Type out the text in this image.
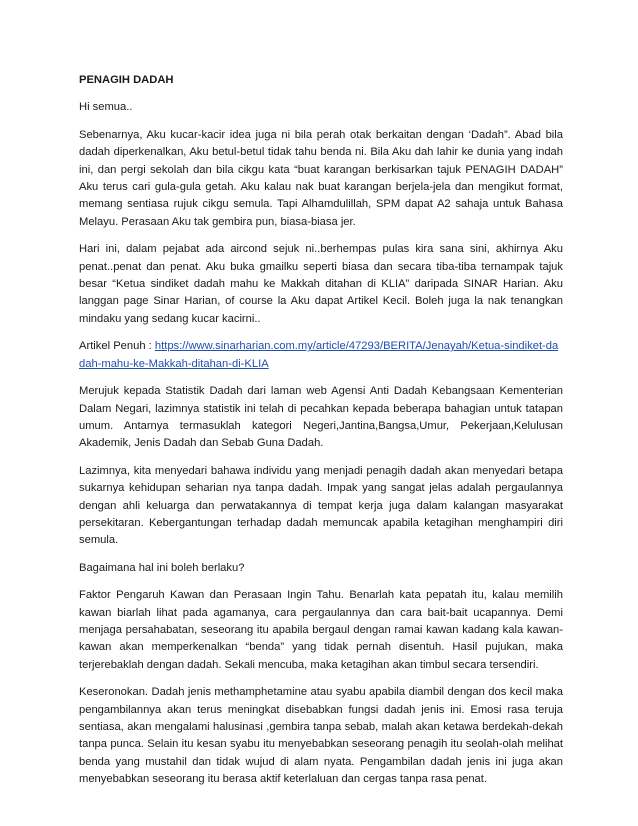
PENAGIH DADAH

Hi semua..

Sebenarnya, Aku kucar-kacir idea juga ni bila perah otak berkaitan dengan ‘Dadah”. Abad bila dadah diperkenalkan, Aku betul-betul tidak tahu benda ni. Bila Aku dah lahir ke dunia yang indah ini, dan pergi sekolah dan bila cikgu kata “buat karangan berkisarkan tajuk PENAGIH DADAH” Aku terus cari gula-gula getah. Aku kalau nak buat karangan berjela-jela dan mengikut format, memang sentiasa rujuk cikgu semula. Tapi Alhamdulillah, SPM dapat A2 sahaja untuk Bahasa Melayu. Perasaan Aku tak gembira pun, biasa-biasa jer.

Hari ini, dalam pejabat ada aircond sejuk ni..berhempas pulas kira sana sini, akhirnya Aku penat..penat dan penat. Aku buka gmailku seperti biasa dan secara tiba-tiba ternampak tajuk besar “Ketua sindiket dadah mahu ke Makkah ditahan di KLIA” daripada SINAR Harian. Aku langgan page Sinar Harian, of course la Aku dapat Artikel Kecil. Boleh juga la nak tenangkan mindaku yang sedang kucar kacirni..

Artikel Penuh : https://www.sinarharian.com.my/article/47293/BERITA/Jenayah/Ketua-sindiket-dadah-mahu-ke-Makkah-ditahan-di-KLIA

Merujuk kepada Statistik Dadah dari laman web Agensi Anti Dadah Kebangsaan Kementerian Dalam Negari, lazimnya statistik ini telah di pecahkan kepada beberapa bahagian untuk tatapan umum. Antarnya termasuklah kategori Negeri,Jantina,Bangsa,Umur, Pekerjaan,Kelulusan Akademik, Jenis Dadah dan Sebab Guna Dadah.

Lazimnya, kita menyedari bahawa individu yang menjadi penagih dadah akan menyedari betapa sukarnya kehidupan seharian nya tanpa dadah. Impak yang sangat jelas adalah pergaulannya dengan ahli keluarga dan perwatakannya di tempat kerja juga dalam kalangan masyarakat persekitaran. Kebergantungan terhadap dadah memuncak apabila ketagihan menghampiri diri semula.

Bagaimana hal ini boleh berlaku?

Faktor Pengaruh Kawan dan Perasaan Ingin Tahu. Benarlah kata pepatah itu, kalau memilih kawan biarlah lihat pada agamanya, cara pergaulannya dan cara bait-bait ucapannya. Demi menjaga persahabatan, seseorang itu apabila bergaul dengan ramai kawan kadang kala kawan-kawan akan memperkenalkan “benda” yang tidak pernah disentuh. Hasil pujukan, maka terjerebaklah dengan dadah. Sekali mencuba, maka ketagihan akan timbul secara tersendiri.

Keseronokan. Dadah jenis methamphetamine atau syabu apabila diambil dengan dos kecil maka pengambilannya akan terus meningkat disebabkan fungsi dadah jenis ini. Emosi rasa teruja sentiasa, akan mengalami halusinasi ,gembira tanpa sebab, malah akan ketawa berdekah-dekah tanpa punca. Selain itu kesan syabu itu menyebabkan seseorang penagih itu seolah-olah melihat benda yang mustahil dan tidak wujud di alam nyata. Pengambilan dadah jenis ini juga akan menyebabkan seseorang itu berasa aktif keterlaluan dan cergas tanpa rasa penat.
